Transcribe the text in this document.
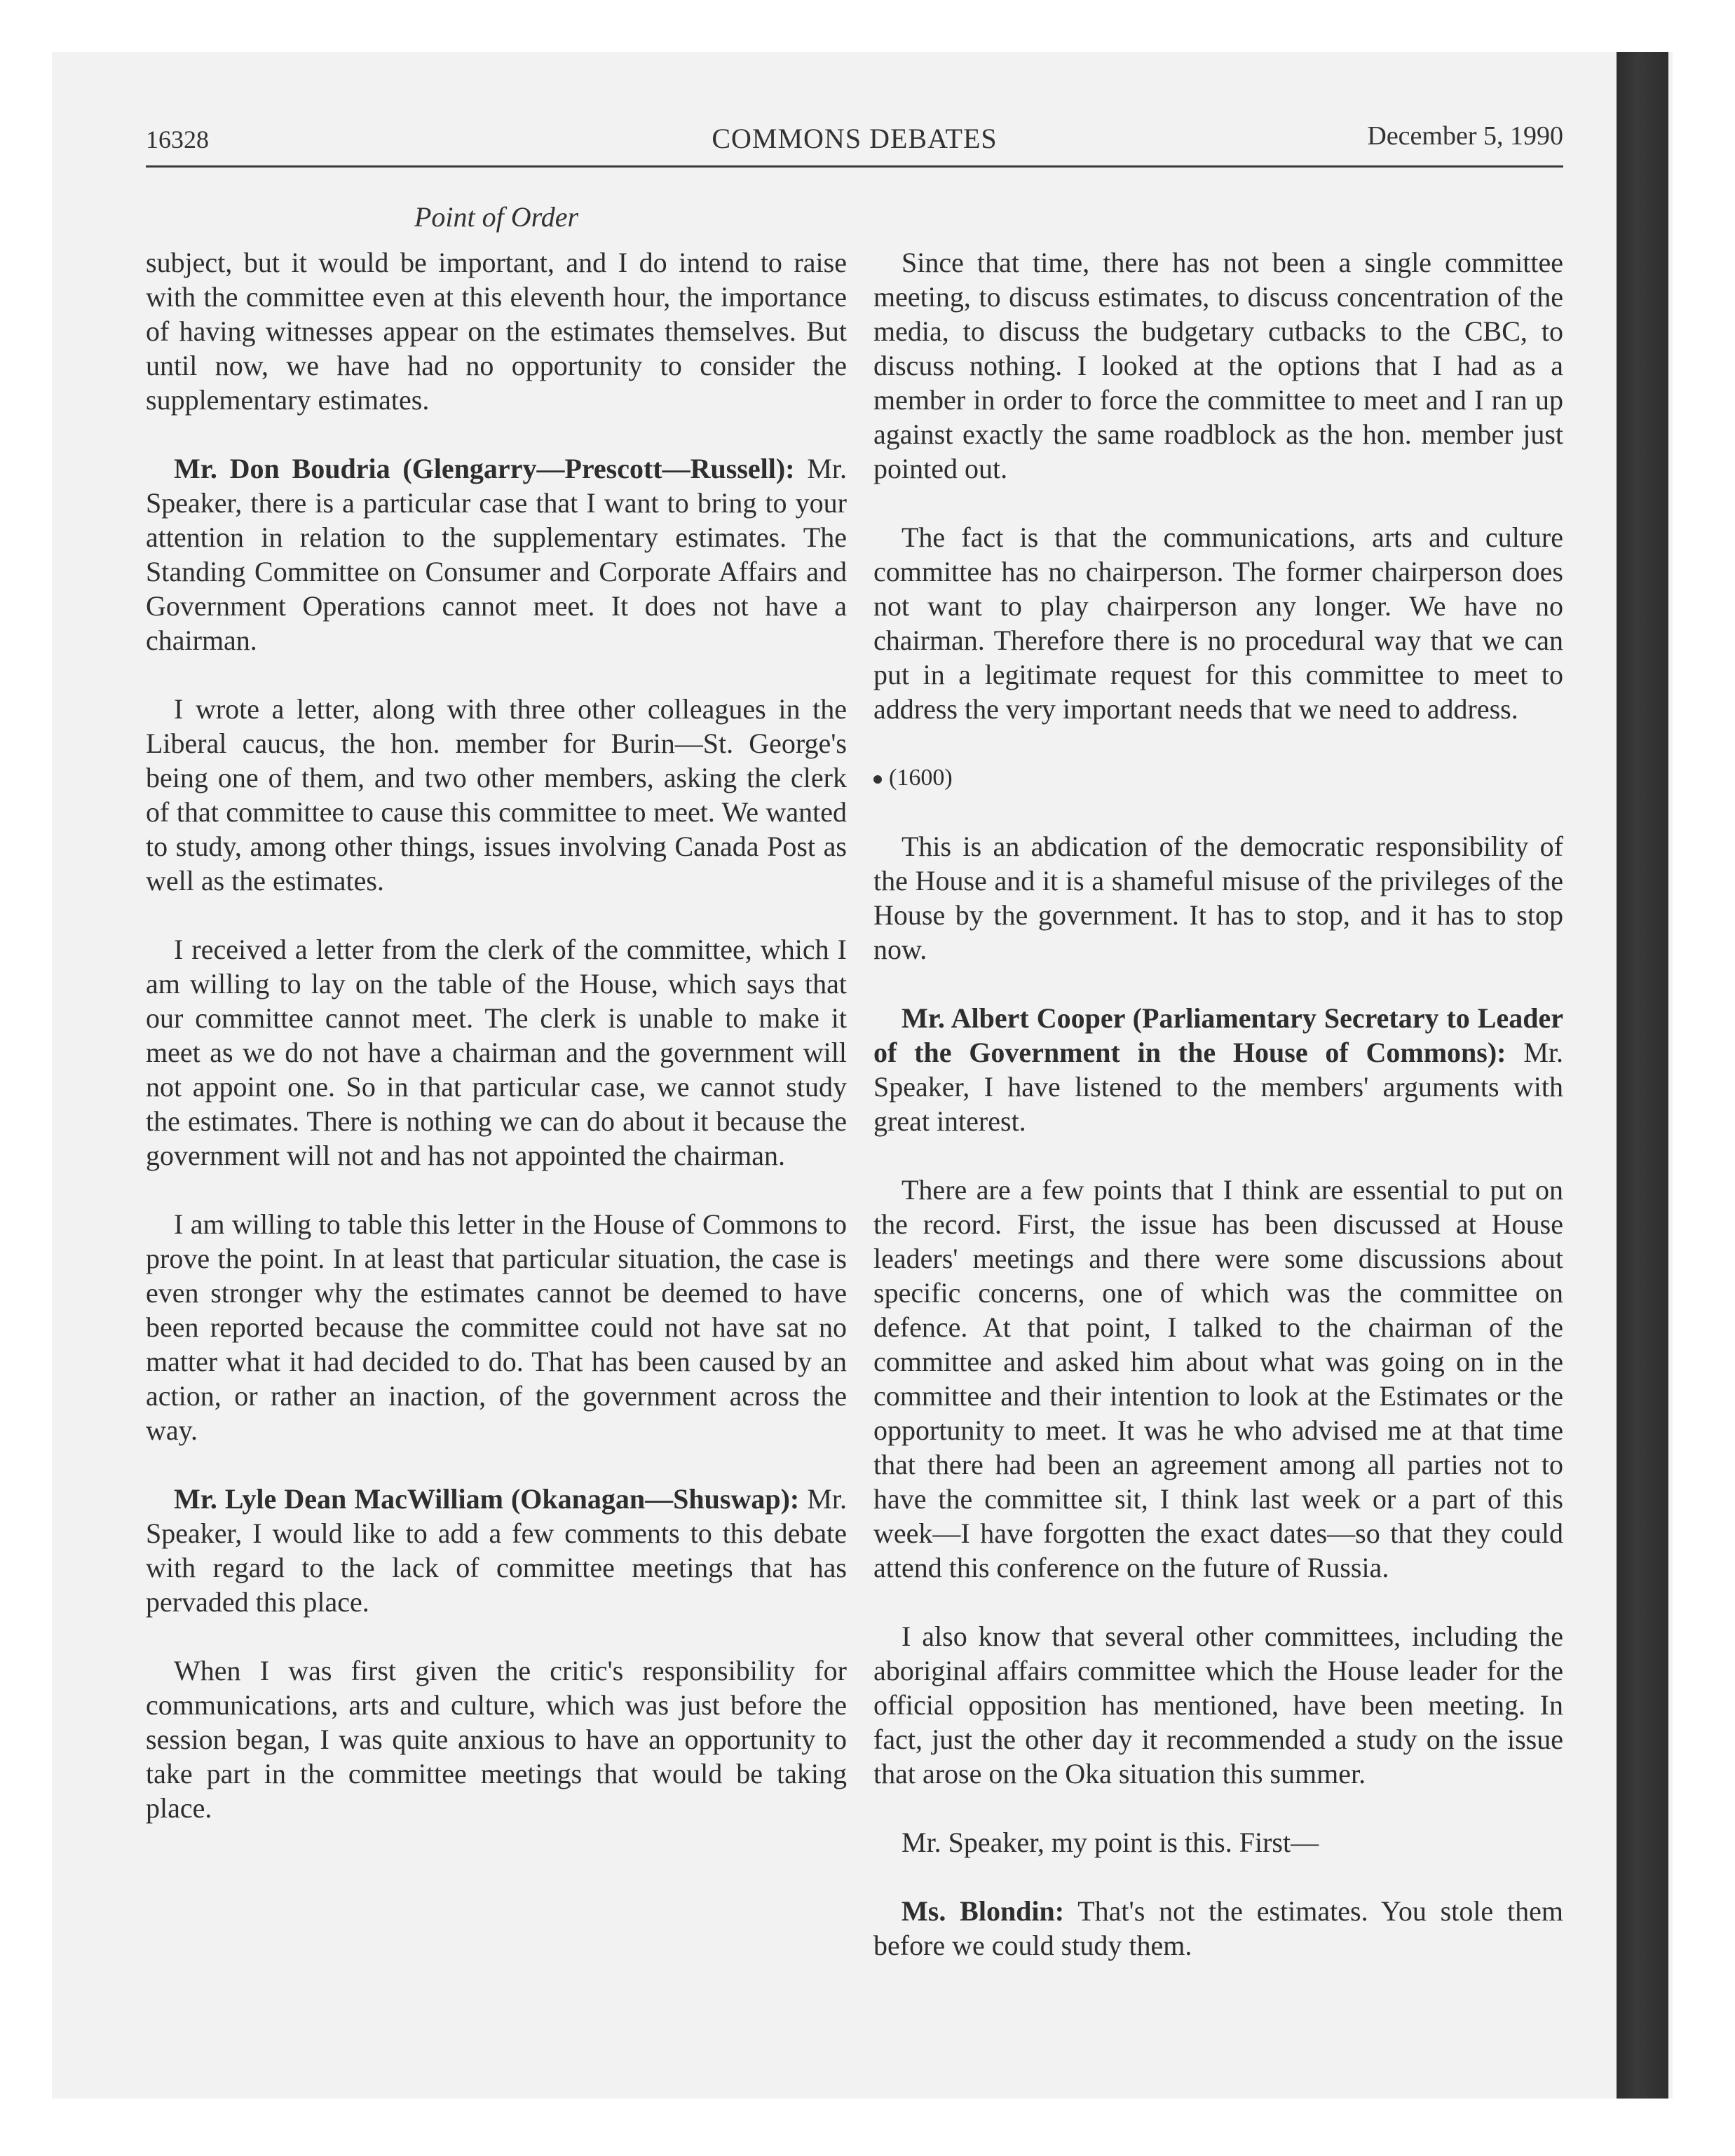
16328	COMMONS DEBATES	December 5, 1990
Point of Order

subject, but it would be important, and I do intend to raise with the committee even at this eleventh hour, the importance of having witnesses appear on the estimates themselves. But until now, we have had no opportunity to consider the supplementary estimates.

Mr. Don Boudria (Glengarry—Prescott—Russell): Mr. Speaker, there is a particular case that I want to bring to your attention in relation to the supplementary estimates. The Standing Committee on Consumer and Corporate Affairs and Government Operations cannot meet. It does not have a chairman.

I wrote a letter, along with three other colleagues in the Liberal caucus, the hon. member for Burin—St. George's being one of them, and two other members, asking the clerk of that committee to cause this committee to meet. We wanted to study, among other things, issues involving Canada Post as well as the estimates.

I received a letter from the clerk of the committee, which I am willing to lay on the table of the House, which says that our committee cannot meet. The clerk is unable to make it meet as we do not have a chairman and the government will not appoint one. So in that particular case, we cannot study the estimates. There is nothing we can do about it because the government will not and has not appointed the chairman.

I am willing to table this letter in the House of Commons to prove the point. In at least that particular situation, the case is even stronger why the estimates cannot be deemed to have been reported because the committee could not have sat no matter what it had decided to do. That has been caused by an action, or rather an inaction, of the government across the way.

Mr. Lyle Dean MacWilliam (Okanagan—Shuswap): Mr. Speaker, I would like to add a few comments to this debate with regard to the lack of committee meetings that has pervaded this place.

When I was first given the critic's responsibility for communications, arts and culture, which was just before the session began, I was quite anxious to have an opportunity to take part in the committee meetings that would be taking place.

Since that time, there has not been a single committee meeting, to discuss estimates, to discuss concentration of the media, to discuss the budgetary cutbacks to the CBC, to discuss nothing. I looked at the options that I had as a member in order to force the committee to meet and I ran up against exactly the same roadblock as the hon. member just pointed out.

The fact is that the communications, arts and culture committee has no chairperson. The former chairperson does not want to play chairperson any longer. We have no chairman. Therefore there is no procedural way that we can put in a legitimate request for this committee to meet to address the very important needs that we need to address.

(1600)

This is an abdication of the democratic responsibility of the House and it is a shameful misuse of the privileges of the House by the government. It has to stop, and it has to stop now.

Mr. Albert Cooper (Parliamentary Secretary to Leader of the Government in the House of Commons): Mr. Speaker, I have listened to the members' arguments with great interest.

There are a few points that I think are essential to put on the record. First, the issue has been discussed at House leaders' meetings and there were some discussions about specific concerns, one of which was the committee on defence. At that point, I talked to the chairman of the committee and asked him about what was going on in the committee and their intention to look at the Estimates or the opportunity to meet. It was he who advised me at that time that there had been an agreement among all parties not to have the committee sit, I think last week or a part of this week—I have forgotten the exact dates—so that they could attend this conference on the future of Russia.

I also know that several other committees, including the aboriginal affairs committee which the House leader for the official opposition has mentioned, have been meeting. In fact, just the other day it recommended a study on the issue that arose on the Oka situation this summer.

Mr. Speaker, my point is this. First—

Ms. Blondin: That's not the estimates. You stole them before we could study them.
